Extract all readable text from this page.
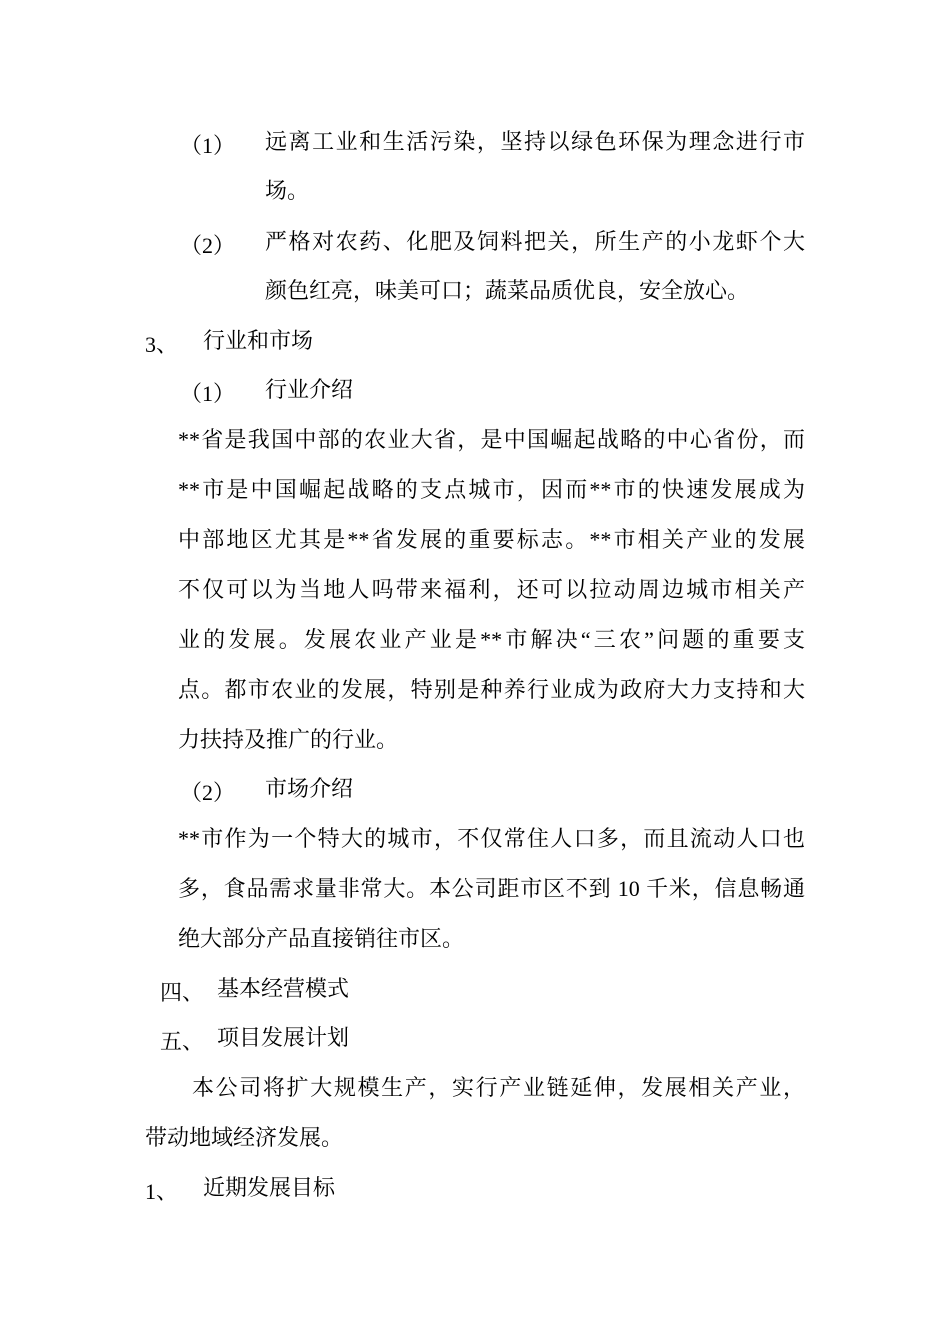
（1） 远离工业和生活污染，坚持以绿色环保为理念进行市
场。
（2） 严格对农药、化肥及饲料把关，所生产的小龙虾个大
颜色红亮，味美可口；蔬菜品质优良，安全放心。
3、 行业和市场
（1） 行业介绍
**省是我国中部的农业大省，是中国崛起战略的中心省份，而
**市是中国崛起战略的支点城市，因而**市的快速发展成为
中部地区尤其是**省发展的重要标志。**市相关产业的发展
不仅可以为当地人吗带来福利，还可以拉动周边城市相关产
业的发展。发展农业产业是**市解决“三农”问题的重要支
点。都市农业的发展，特别是种养行业成为政府大力支持和大
力扶持及推广的行业。
（2） 市场介绍
**市作为一个特大的城市，不仅常住人口多，而且流动人口也
多，食品需求量非常大。本公司距市区不到 10 千米，信息畅通
绝大部分产品直接销往市区。
四、 基本经营模式
五、 项目发展计划
本公司将扩大规模生产，实行产业链延伸，发展相关产业，
带动地域经济发展。
1、 近期发展目标
